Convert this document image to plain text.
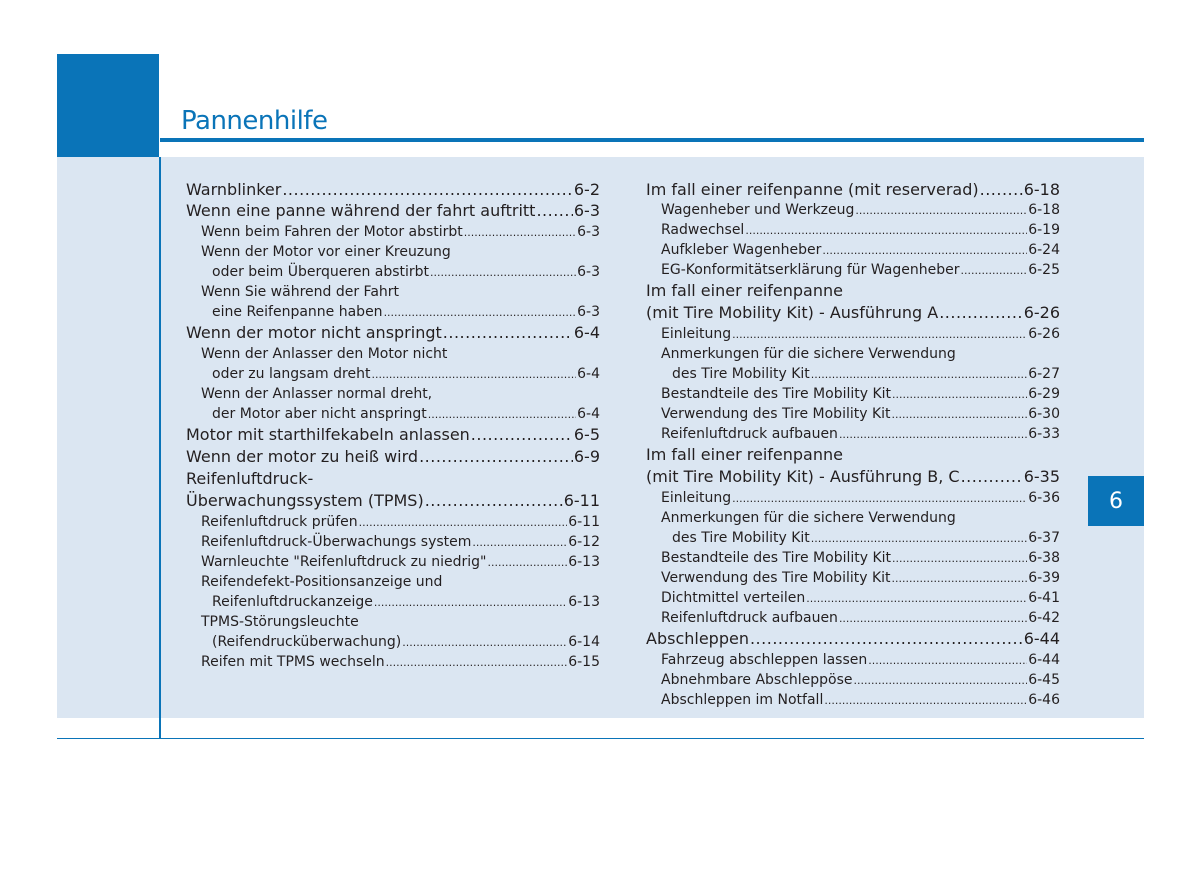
Pannenhilfe
6
Warnblinker .....	6-2
Wenn eine panne während der fahrt auftritt ..... 6-3
Wenn beim Fahren der Motor abstirbt .....	6-3
Wenn der Motor vor einer Kreuzung
oder beim Überqueren abstirbt .....	6-3
Wenn Sie während der Fahrt
eine Reifenpanne haben .....	6-3
Wenn der motor nicht anspringt .....	6-4
Wenn der Anlasser den Motor nicht
oder zu langsam dreht .....	6-4
Wenn der Anlasser normal dreht,
der Motor aber nicht anspringt .....	6-4
Motor mit starthilfekabeln anlassen .....	6-5
Wenn der motor zu heiß wird .....	6-9
Reifenluftdruck-
Überwachungssystem (TPMS) .....	6-11
Reifenluftdruck prüfen .....	6-11
Reifenluftdruck-Überwachungs system .....	6-12
Warnleuchte "Reifenluftdruck zu niedrig" .....	6-13
Reifendefekt-Positionsanzeige und
Reifenluftdruckanzeige .....	6-13
TPMS-Störungsleuchte
(Reifendrucküberwachung) .....	6-14
Reifen mit TPMS wechseln .....	6-15
Im fall einer reifenpanne (mit reserverad) .....	6-18
Wagenheber und Werkzeug .....	6-18
Radwechsel .....	6-19
Aufkleber Wagenheber .....	6-24
EG-Konformitätserklärung für Wagenheber .....	6-25
Im fall einer reifenpanne
(mit Tire Mobility Kit) - Ausführung A .....	6-26
Einleitung .....	6-26
Anmerkungen für die sichere Verwendung
des Tire Mobility Kit .....	6-27
Bestandteile des Tire Mobility Kit .....	6-29
Verwendung des Tire Mobility Kit .....	6-30
Reifenluftdruck aufbauen .....	6-33
Im fall einer reifenpanne
(mit Tire Mobility Kit) - Ausführung B, C .....	6-35
Einleitung .....	6-36
Anmerkungen für die sichere Verwendung
des Tire Mobility Kit .....	6-37
Bestandteile des Tire Mobility Kit .....	6-38
Verwendung des Tire Mobility Kit .....	6-39
Dichtmittel verteilen .....	6-41
Reifenluftdruck aufbauen .....	6-42
Abschleppen .....	6-44
Fahrzeug abschleppen lassen .....	6-44
Abnehmbare Abschleppöse .....	6-45
Abschleppen im Notfall .....	6-46
